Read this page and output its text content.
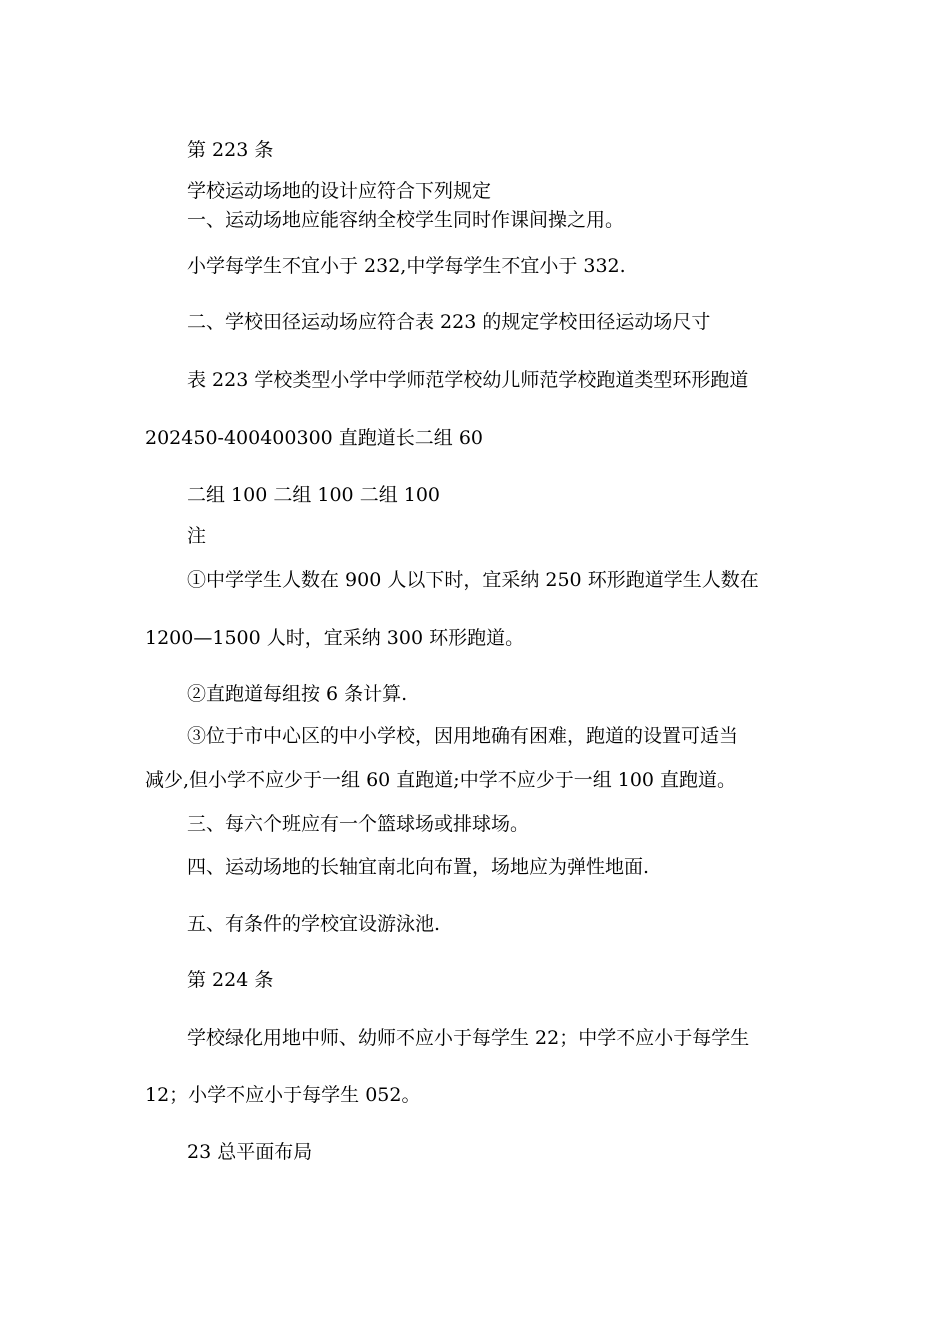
第 223 条
学校运动场地的设计应符合下列规定
一、运动场地应能容纳全校学生同时作课间操之用。
小学每学生不宜小于 232,中学每学生不宜小于 332.
二、学校田径运动场应符合表 223 的规定学校田径运动场尺寸
表 223 学校类型小学中学师范学校幼儿师范学校跑道类型环形跑道
202450-400400300 直跑道长二组 60
二组 100 二组 100 二组 100
注
①中学学生人数在 900 人以下时，宜采纳 250 环形跑道学生人数在
1200—1500 人时，宜采纳 300 环形跑道。
②直跑道每组按 6 条计算.
③位于市中心区的中小学校，因用地确有困难，跑道的设置可适当
减少,但小学不应少于一组 60 直跑道;中学不应少于一组 100 直跑道。
三、每六个班应有一个篮球场或排球场。
四、运动场地的长轴宜南北向布置，场地应为弹性地面.
五、有条件的学校宜设游泳池.
第 224 条
学校绿化用地中师、幼师不应小于每学生 22；中学不应小于每学生
12；小学不应小于每学生 052。
23 总平面布局
